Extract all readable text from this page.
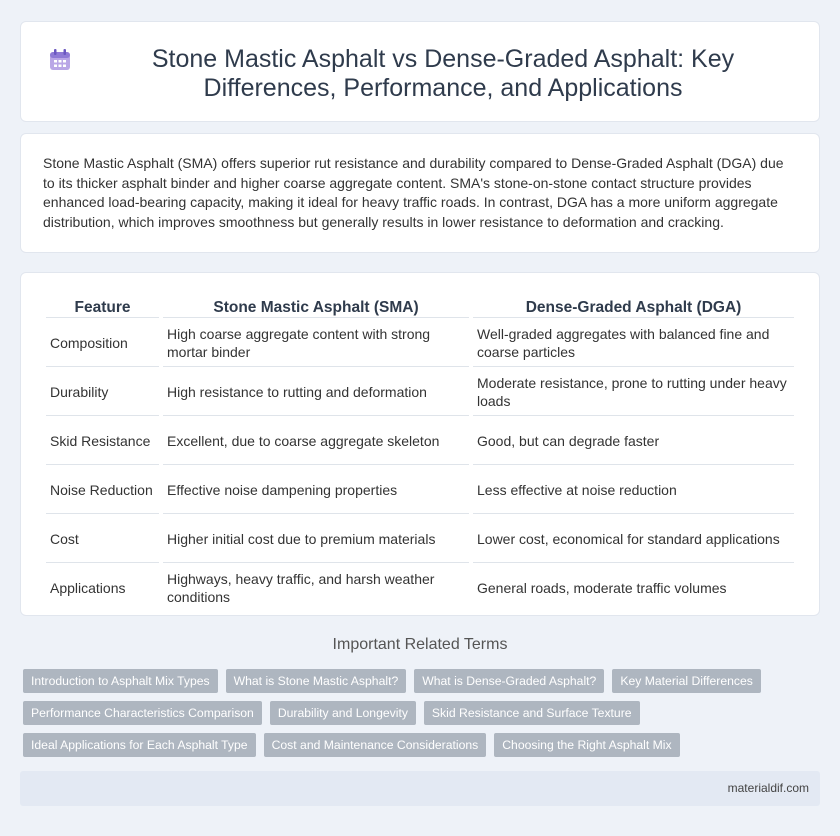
Stone Mastic Asphalt vs Dense-Graded Asphalt: Key Differences, Performance, and Applications

Stone Mastic Asphalt (SMA) offers superior rut resistance and durability compared to Dense-Graded Asphalt (DGA) due to its thicker asphalt binder and higher coarse aggregate content. SMA's stone-on-stone contact structure provides enhanced load-bearing capacity, making it ideal for heavy traffic roads. In contrast, DGA has a more uniform aggregate distribution, which improves smoothness but generally results in lower resistance to deformation and cracking.

Feature	Stone Mastic Asphalt (SMA)	Dense-Graded Asphalt (DGA)
Composition	High coarse aggregate content with strong mortar binder	Well-graded aggregates with balanced fine and coarse particles
Durability	High resistance to rutting and deformation	Moderate resistance, prone to rutting under heavy loads
Skid Resistance	Excellent, due to coarse aggregate skeleton	Good, but can degrade faster
Noise Reduction	Effective noise dampening properties	Less effective at noise reduction
Cost	Higher initial cost due to premium materials	Lower cost, economical for standard applications
Applications	Highways, heavy traffic, and harsh weather conditions	General roads, moderate traffic volumes
Important Related Terms
Introduction to Asphalt Mix Types	What is Stone Mastic Asphalt?	What is Dense-Graded Asphalt?	Key Material Differences
Performance Characteristics Comparison	Durability and Longevity	Skid Resistance and Surface Texture
Ideal Applications for Each Asphalt Type	Cost and Maintenance Considerations	Choosing the Right Asphalt Mix
materialdif.com
